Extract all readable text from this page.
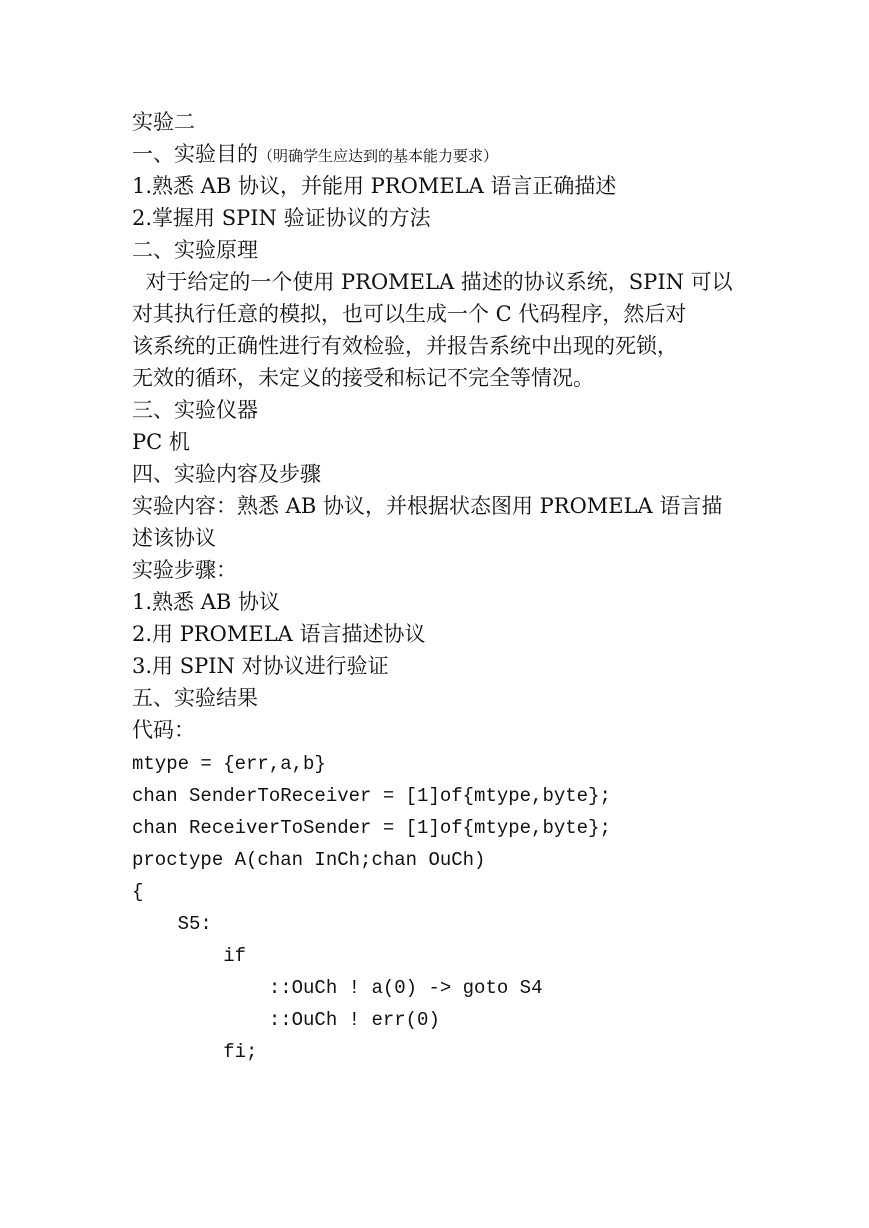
实验二
一、实验目的（明确学生应达到的基本能力要求）
1.熟悉 AB 协议，并能用 PROMELA 语言正确描述
2.掌握用 SPIN 验证协议的方法
二、实验原理
对于给定的一个使用 PROMELA 描述的协议系统，SPIN 可以
对其执行任意的模拟，也可以生成一个 C 代码程序，然后对
该系统的正确性进行有效检验，并报告系统中出现的死锁，
无效的循环，未定义的接受和标记不完全等情况。
三、实验仪器
PC 机
四、实验内容及步骤
实验内容：熟悉 AB 协议，并根据状态图用 PROMELA 语言描
述该协议
实验步骤：
1.熟悉 AB 协议
2.用 PROMELA 语言描述协议
3.用 SPIN 对协议进行验证
五、实验结果
代码：
mtype = {err,a,b}
chan SenderToReceiver = [1]of{mtype,byte};
chan ReceiverToSender = [1]of{mtype,byte};
proctype A(chan InCh;chan OuCh)
{
S5:
if
::OuCh ! a(0) -> goto S4
::OuCh ! err(0)
fi;
